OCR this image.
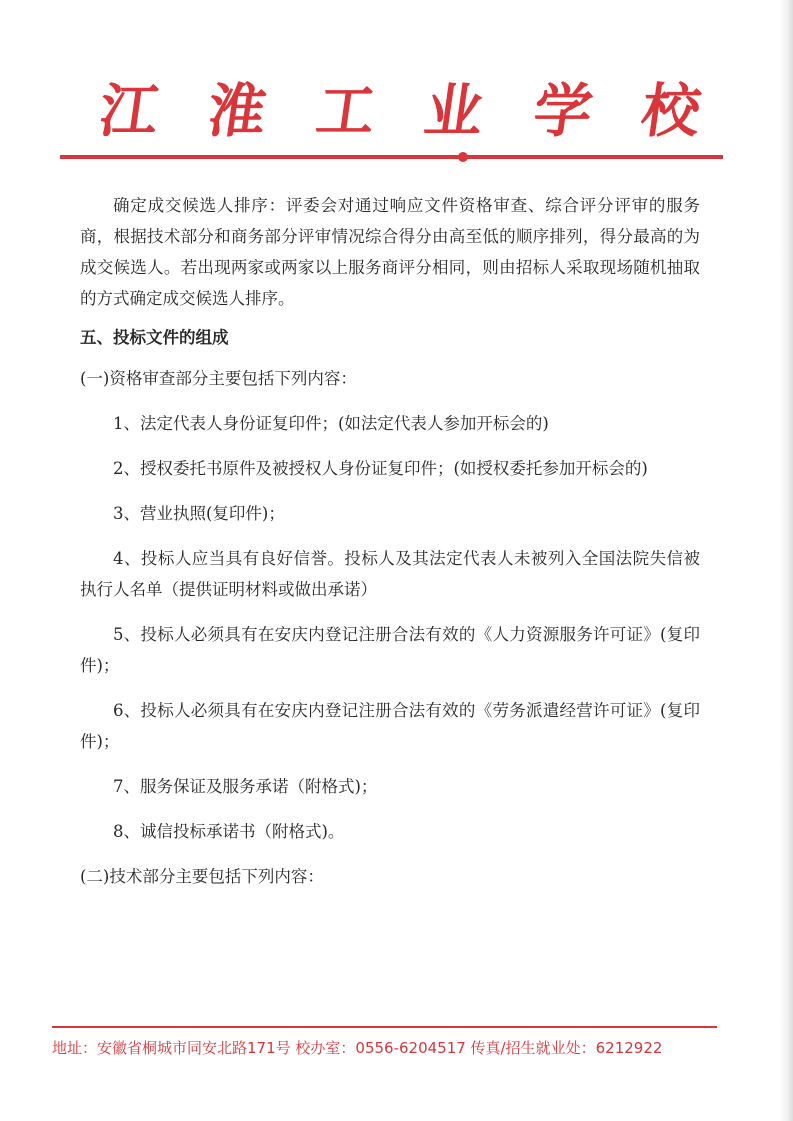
江 淮 工 业 学 校

确定成交候选人排序：评委会对通过响应文件资格审查、综合评分评审的服务商，根据技术部分和商务部分评审情况综合得分由高至低的顺序排列，得分最高的为成交候选人。若出现两家或两家以上服务商评分相同，则由招标人采取现场随机抽取的方式确定成交候选人排序。

五、投标文件的组成

(一)资格审查部分主要包括下列内容：

1、法定代表人身份证复印件；(如法定代表人参加开标会的)

2、授权委托书原件及被授权人身份证复印件；(如授权委托参加开标会的)

3、营业执照(复印件)；

4、投标人应当具有良好信誉。投标人及其法定代表人未被列入全国法院失信被执行人名单（提供证明材料或做出承诺）

5、投标人必须具有在安庆内登记注册合法有效的《人力资源服务许可证》(复印件)；

6、投标人必须具有在安庆内登记注册合法有效的《劳务派遣经营许可证》(复印件)；

7、服务保证及服务承诺（附格式)；

8、诚信投标承诺书（附格式)。

(二)技术部分主要包括下列内容：

地址：安徽省桐城市同安北路171号 校办室：0556-6204517 传真/招生就业处：6212922
